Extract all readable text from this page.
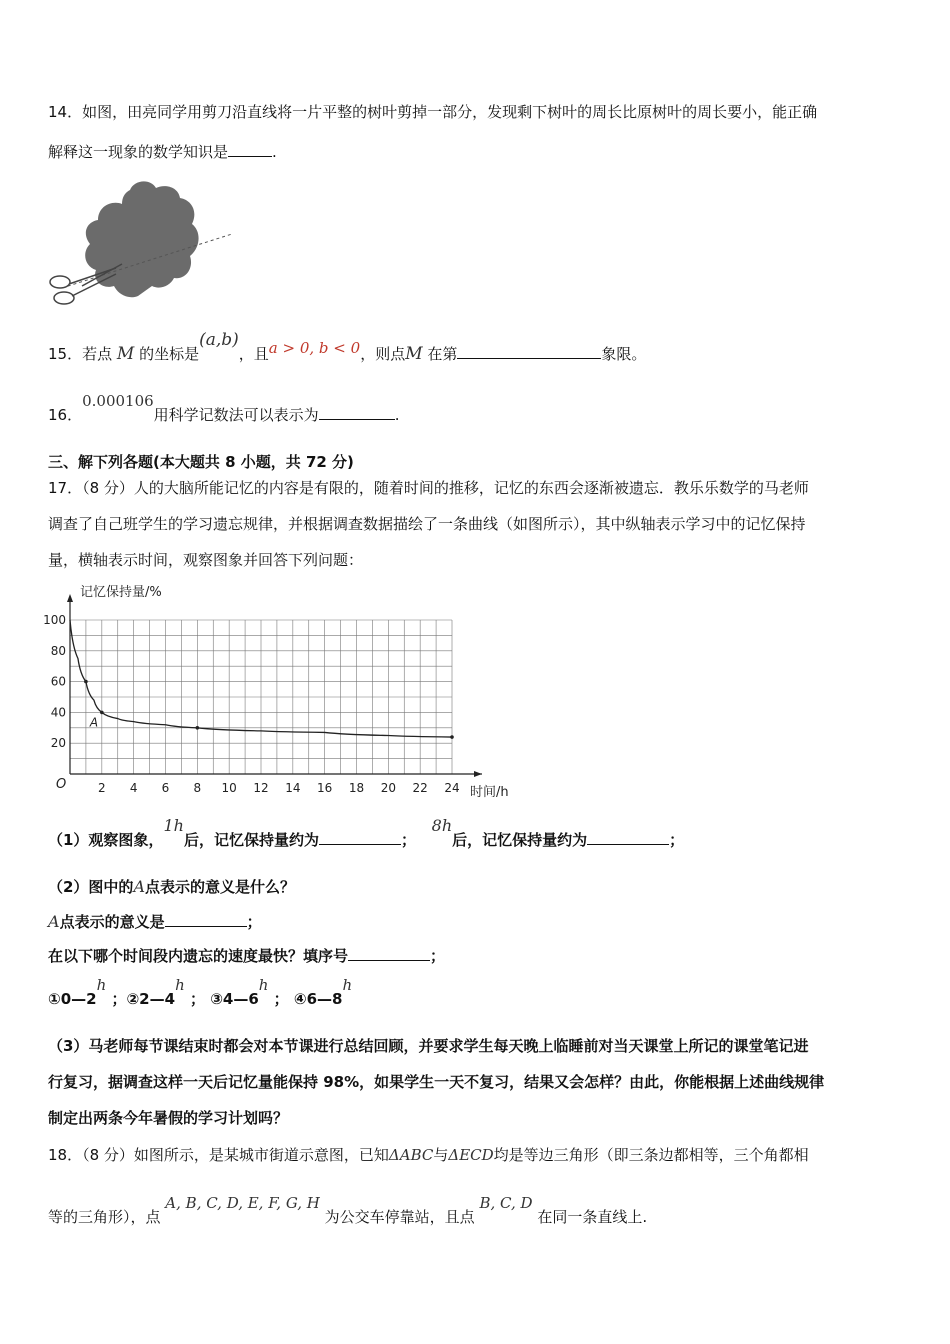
14．如图，田亮同学用剪刀沿直线将一片平整的树叶剪掉一部分，发现剩下树叶的周长比原树叶的周长要小，能正确
解释这一现象的数学知识是	.
15．若点 M 的坐标是(a,b)，且a > 0, b < 0，则点M 在第	象限。
16．0.000106用科学记数法可以表示为	.
三、解下列各题(本大题共 8 小题，共 72 分)
17．（8 分）人的大脑所能记忆的内容是有限的，随着时间的推移，记忆的东西会逐渐被遗忘．教乐乐数学的马老师
调查了自己班学生的学习遗忘规律，并根据调查数据描绘了一条曲线（如图所示），其中纵轴表示学习中的记忆保持
量，横轴表示时间，观察图象并回答下列问题：
2 4 6 8 10 12 14 16 18 20 22 24
20
40
60
80
100
记忆保持量/%
时间/h
O
A
（1）观察图象，1h后，记忆保持量约为	；   8h后，记忆保持量约为	；
（2）图中的A点表示的意义是什么？
A点表示的意义是	；
在以下哪个时间段内遗忘的速度最快？填序号	；
①0—2h ；②2—4h ； ③4—6h ； ④6—8h
（3）马老师每节课结束时都会对本节课进行总结回顾，并要求学生每天晚上临睡前对当天课堂上所记的课堂笔记进
行复习，据调查这样一天后记忆量能保持 98%，如果学生一天不复习，结果又会怎样？由此，你能根据上述曲线规律
制定出两条今年暑假的学习计划吗？
18．（8 分）如图所示，是某城市街道示意图，已知ΔABC与ΔECD均是等边三角形（即三条边都相等，三个角都相
等的三角形），点 A, B, C, D, E, F, G, H 为公交车停靠站，且点 B, C, D 在同一条直线上.
